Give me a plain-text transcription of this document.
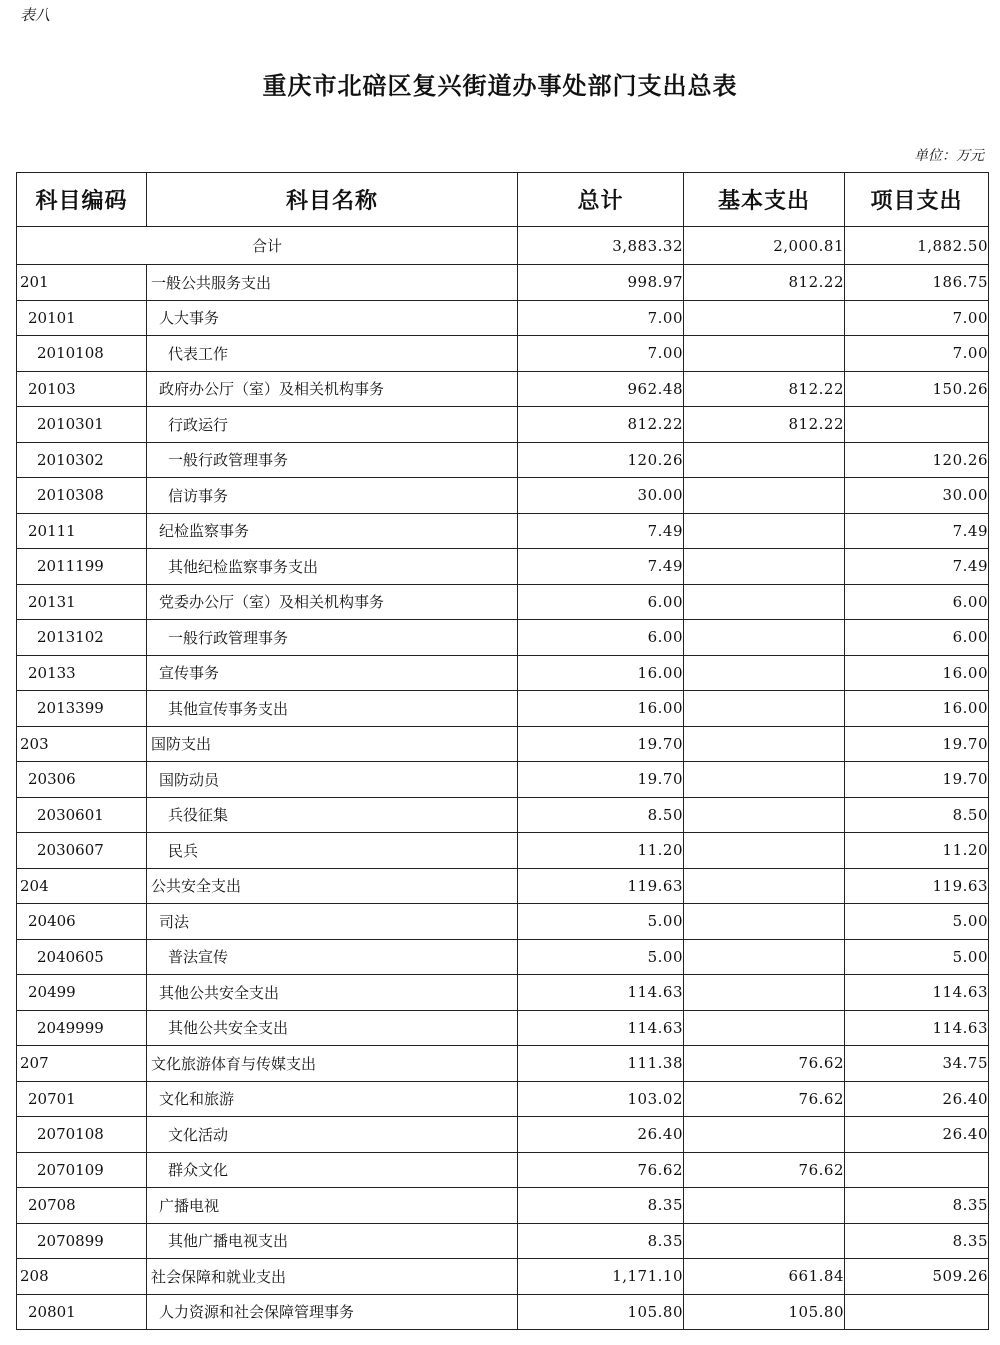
表八
重庆市北碚区复兴街道办事处部门支出总表
单位：万元
科目编码	科目名称	总计	基本支出	项目支出
合计		3,883.32	2,000.81	1,882.50
201	一般公共服务支出	998.97	812.22	186.75
20101	人大事务	7.00		7.00
2010108	代表工作	7.00		7.00
20103	政府办公厅（室）及相关机构事务	962.48	812.22	150.26
2010301	行政运行	812.22	812.22	
2010302	一般行政管理事务	120.26		120.26
2010308	信访事务	30.00		30.00
20111	纪检监察事务	7.49		7.49
2011199	其他纪检监察事务支出	7.49		7.49
20131	党委办公厅（室）及相关机构事务	6.00		6.00
2013102	一般行政管理事务	6.00		6.00
20133	宣传事务	16.00		16.00
2013399	其他宣传事务支出	16.00		16.00
203	国防支出	19.70		19.70
20306	国防动员	19.70		19.70
2030601	兵役征集	8.50		8.50
2030607	民兵	11.20		11.20
204	公共安全支出	119.63		119.63
20406	司法	5.00		5.00
2040605	普法宣传	5.00		5.00
20499	其他公共安全支出	114.63		114.63
2049999	其他公共安全支出	114.63		114.63
207	文化旅游体育与传媒支出	111.38	76.62	34.75
20701	文化和旅游	103.02	76.62	26.40
2070108	文化活动	26.40		26.40
2070109	群众文化	76.62	76.62	
20708	广播电视	8.35		8.35
2070899	其他广播电视支出	8.35		8.35
208	社会保障和就业支出	1,171.10	661.84	509.26
20801	人力资源和社会保障管理事务	105.80	105.80	
